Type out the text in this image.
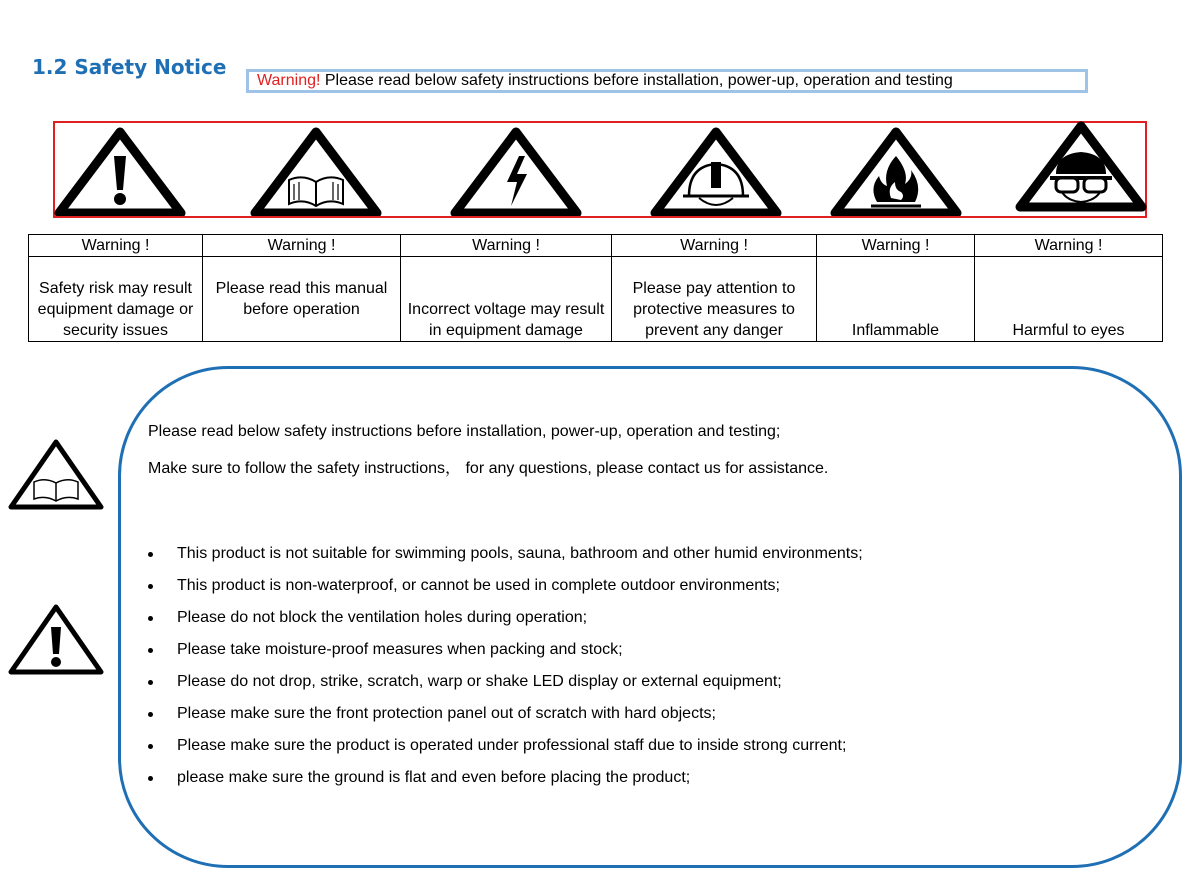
1.2 Safety Notice
Warning! Please read below safety instructions before installation, power-up, operation and testing
Warning !	Warning !	Warning !	Warning !	Warning !	Warning !
Safety risk may result equipment damage or security issues	Please read this manual before operation	Incorrect voltage may result in equipment damage	Please pay attention to protective measures to prevent any danger	Inflammable	Harmful to eyes
Please read below safety instructions before installation, power-up, operation and testing;
Make sure to follow the safety instructions， for any questions, please contact us for assistance.
This product is not suitable for swimming pools, sauna, bathroom and other humid environments;
This product is non-waterproof, or cannot be used in complete outdoor environments;
Please do not block the ventilation holes during operation;
Please take moisture-proof measures when packing and stock;
Please do not drop, strike, scratch, warp or shake LED display or external equipment;
Please make sure the front protection panel out of scratch with hard objects;
Please make sure the product is operated under professional staff due to inside strong current;
please make sure the ground is flat and even before placing the product;
